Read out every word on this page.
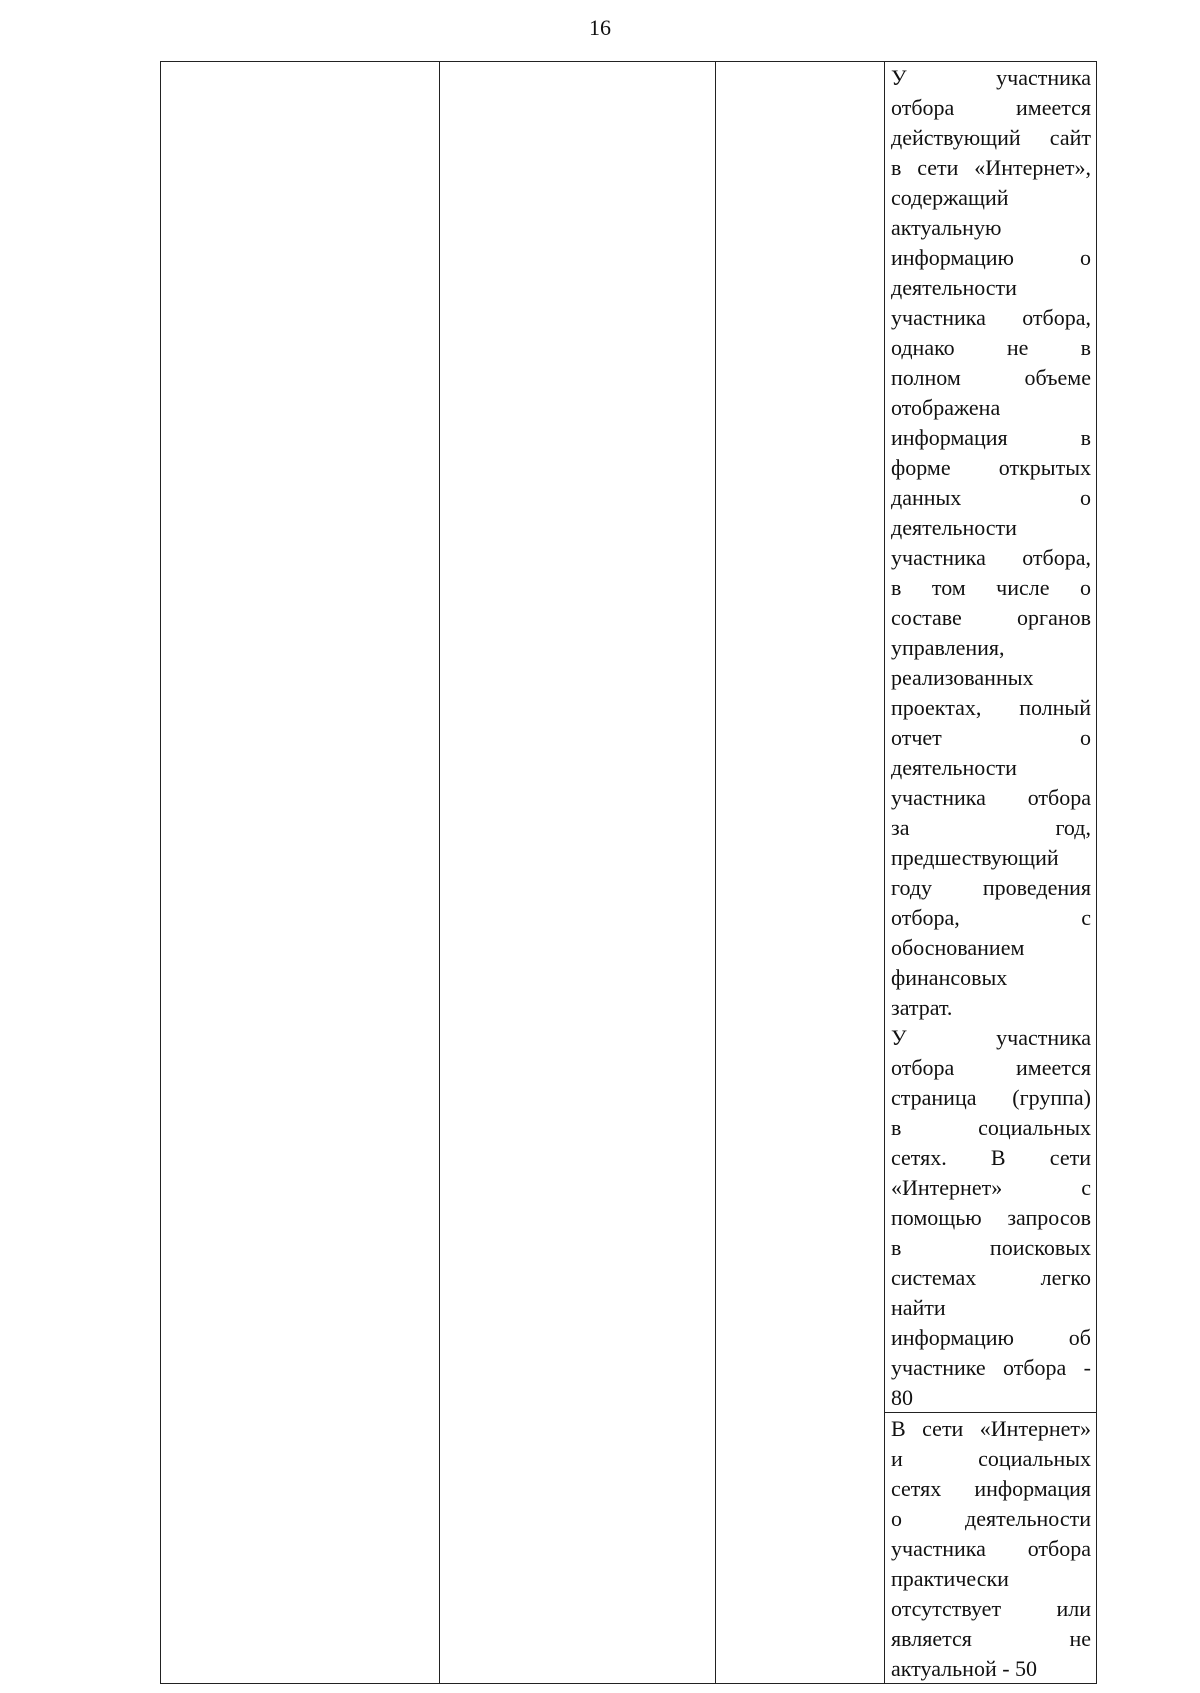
16

У участника
отбора имеется
действующий сайт
в сети «Интернет»,
содержащий
актуальную
информацию о
деятельности
участника отбора,
однако не в
полном объеме
отображена
информация в
форме открытых
данных о
деятельности
участника отбора,
в том числе о
составе органов
управления,
реализованных
проектах, полный
отчет о
деятельности
участника отбора
за год,
предшествующий
году проведения
отбора, с
обоснованием
финансовых
затрат.
У участника
отбора имеется
страница (группа)
в социальных
сетях. В сети
«Интернет» с
помощью запросов
в поисковых
системах легко
найти
информацию об
участнике отбора -
80

В сети «Интернет»
и социальных
сетях информация
о деятельности
участника отбора
практически
отсутствует или
является не
актуальной - 50
